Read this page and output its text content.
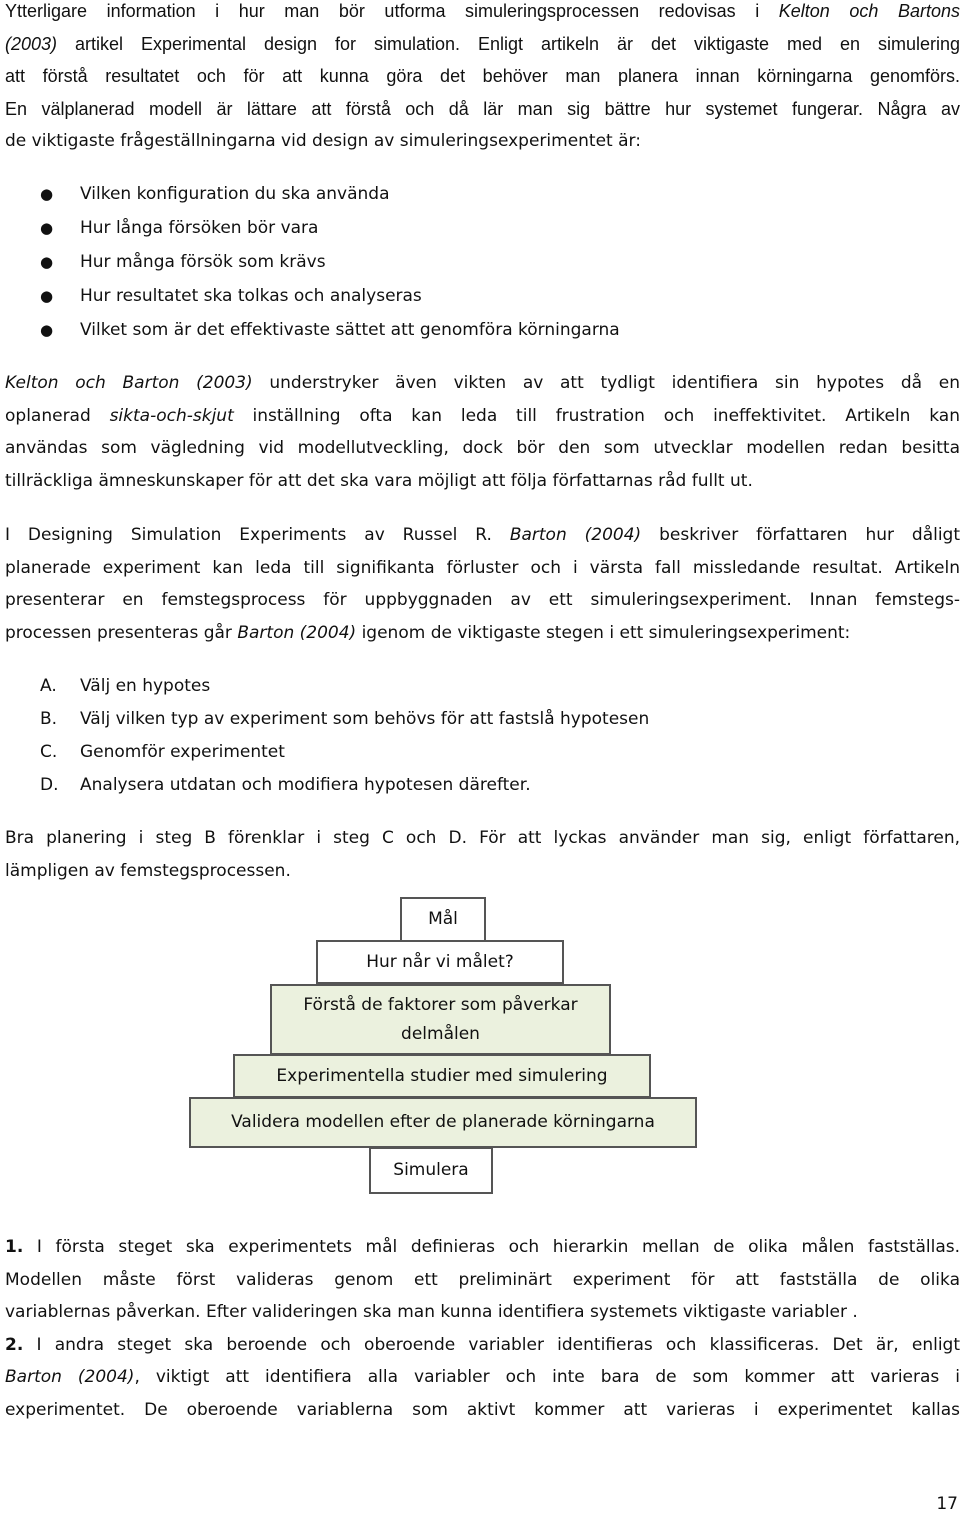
Ytterligare information i hur man bör utforma simuleringsprocessen redovisas i Kelton och Bartons
(2003) artikel Experimental design for simulation. Enligt artikeln är det viktigaste med en simulering
att förstå resultatet och för att kunna göra det behöver man planera innan körningarna genomförs.
En välplanerad modell är lättare att förstå och då lär man sig bättre hur systemet fungerar. Några av
de viktigaste frågeställningarna vid design av simuleringsexperimentet är:
● Vilken konfiguration du ska använda
● Hur långa försöken bör vara
● Hur många försök som krävs
● Hur resultatet ska tolkas och analyseras
● Vilket som är det effektivaste sättet att genomföra körningarna
Kelton och Barton (2003) understryker även vikten av att tydligt identifiera sin hypotes då en
oplanerad sikta-och-skjut inställning ofta kan leda till frustration och ineffektivitet. Artikeln kan
användas som vägledning vid modellutveckling, dock bör den som utvecklar modellen redan besitta
tillräckliga ämneskunskaper för att det ska vara möjligt att följa författarnas råd fullt ut.
I Designing Simulation Experiments av Russel R. Barton (2004) beskriver författaren hur dåligt
planerade experiment kan leda till signifikanta förluster och i värsta fall missledande resultat. Artikeln
presenterar en femstegsprocess för uppbyggnaden av ett simuleringsexperiment. Innan femstegs-
processen presenteras går Barton (2004) igenom de viktigaste stegen i ett simuleringsexperiment:
A. Välj en hypotes
B. Välj vilken typ av experiment som behövs för att fastslå hypotesen
C. Genomför experimentet
D. Analysera utdatan och modifiera hypotesen därefter.
Bra planering i steg B förenklar i steg C och D. För att lyckas använder man sig, enligt författaren,
lämpligen av femstegsprocessen.
Mål
Hur når vi målet?
Förstå de faktorer som påverkar delmålen
Experimentella studier med simulering
Validera modellen efter de planerade körningarna
Simulera
1. I första steget ska experimentets mål definieras och hierarkin mellan de olika målen fastställas.
Modellen måste först valideras genom ett preliminärt experiment för att fastställa de olika
variablernas påverkan. Efter valideringen ska man kunna identifiera systemets viktigaste variabler .
2. I andra steget ska beroende och oberoende variabler identifieras och klassificeras. Det är, enligt
Barton (2004), viktigt att identifiera alla variabler och inte bara de som kommer att varieras i
experimentet. De oberoende variablerna som aktivt kommer att varieras i experimentet kallas
17
